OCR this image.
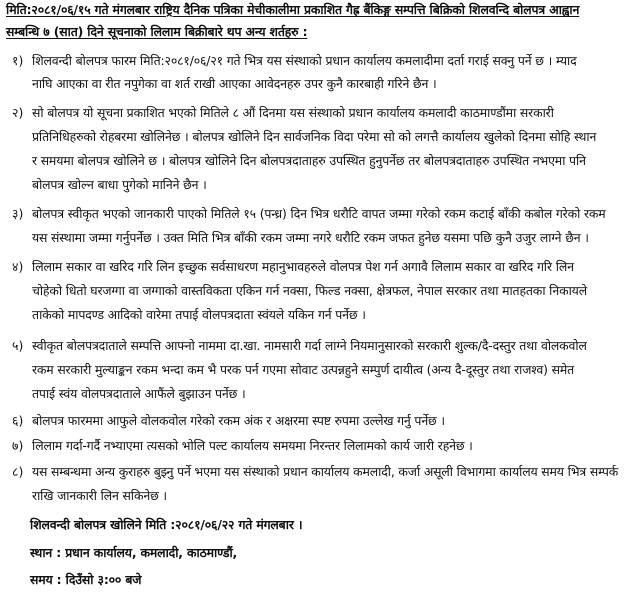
मिति:२०८१/०६/१५ गते मंगलबार राष्ट्रिय दैनिक पत्रिका मेचीकालीमा प्रकाशित गैह्र बैंकिङ्ग सम्पत्ति बिक्रिको शिलवन्दि बोलपत्र आह्वान
सम्बन्धि ७ (सात) दिने सूचनाको लिलाम बिक्रीबारे थप अन्य शर्तहरु :
१) शिलवन्दी बोलपत्र फारम मिति:२०८१/०६/२१ गते भित्र यस संस्थाको प्रधान कार्यालय कमलादीमा दर्ता गराई सक्नु पर्ने छ । म्याद
नाघि आएका वा रीत नपुगेका वा शर्त राखी आएका आवेदनहरु उपर कुनै कारबाही गरिने छैन ।
२) सो बोलपत्र यो सूचना प्रकाशित भएको मितिले ८ औं दिनमा यस संस्थाको प्रधान कार्यालय कमलादी काठमाण्डौंमा सरकारी
प्रतिनिधिहरुको रोहबरमा खोलिनेछ । बोलपत्र खोलिने दिन सार्वजनिक विदा परेमा सो को लगत्तै कार्यालय खुलेको दिनमा सोहि स्थान
र समयमा बोलपत्र खोलिने छ । बोलपत्र खोलिने दिन बोलपत्रदाताहरु उपस्थित हुनुपर्नेछ तर बोलपत्रदाताहरु उपस्थित नभएमा पनि
बोलपत्र खोल्न बाधा पुगेको मानिने छैन ।
३) बोलपत्र स्वीकृत भएको जानकारी पाएको मितिले १५ (पन्ध्र) दिन भित्र धरौटि वापत जम्मा गरेको रकम कटाई बाँकी कबोल गरेको रकम
यस संस्थामा जम्मा गर्नुपर्नेछ । उक्त मिति भित्र बाँकी रकम जम्मा नगरे धरौटि रकम जफत हुनेछ यसमा पछि कुनै उजुर लाग्ने छैन ।
४) लिलाम सकार वा खरिद गरि लिन इच्छुक सर्वसाधरण महानुभावहरुले वोलपत्र पेश गर्न अगावै लिलाम सकार वा खरिद गरि लिन
चोहेको धितो घरजग्गा वा जग्गाको वास्तविकता एकिन गर्न नक्सा, फिल्ड नक्सा, क्षेत्रफल, नेपाल सरकार तथा मातहतका निकायले
ताकेको मापदण्ड आदिको वारेमा तपाई वोलपत्रदाता स्वंयले यकिन गर्न पर्नेछ ।
५) स्वीकृत बोलपत्रदाताले सम्पत्ति आफ्नो नाममा दा.खा. नामसारी गर्दा लाग्ने नियमानुसारको सरकारी शुल्क/दै-दस्तुर तथा वोलकवोल
रकम सरकारी मुल्याङ्कन रकम भन्दा कम भै परक पर्न गएमा सोवाट उत्पन्नहुने सम्पुर्ण दायीत्व (अन्य दै-दूस्तुर तथा राजश्व) समेत
तपाई स्वंय वोलपत्रदाताले आफैंले बुझाउन पर्नेछ ।
६) बोलपत्र फारममा आफुले वोलकवोल गरेको रकम अंक र अक्षरमा स्पष्ट रुपमा उल्लेख गर्नु पर्नेछ ।
७) लिलाम गर्दा-गर्दै नभ्याएमा त्यसको भोलि पल्ट कार्यालय समयमा निरन्तर लिलामको कार्य जारी रहनेछ ।
८) यस सम्बन्धमा अन्य कुराहरु बुझ्नु पर्ने भएमा यस संस्थाको प्रधान कार्यालय कमलादी, कर्जा असूली विभागमा कार्यालय समय भित्र सम्पर्क
राखि जानकारी लिन सकिनेछ ।
शिलवन्दी बोलपत्र खोलिने मिति :२०८१/०६/२२ गते मंगलबार ।
स्थान : प्रधान कार्यालय, कमलादी, काठमाण्डौं,
समय : दिउँसो ३:०० बजे
